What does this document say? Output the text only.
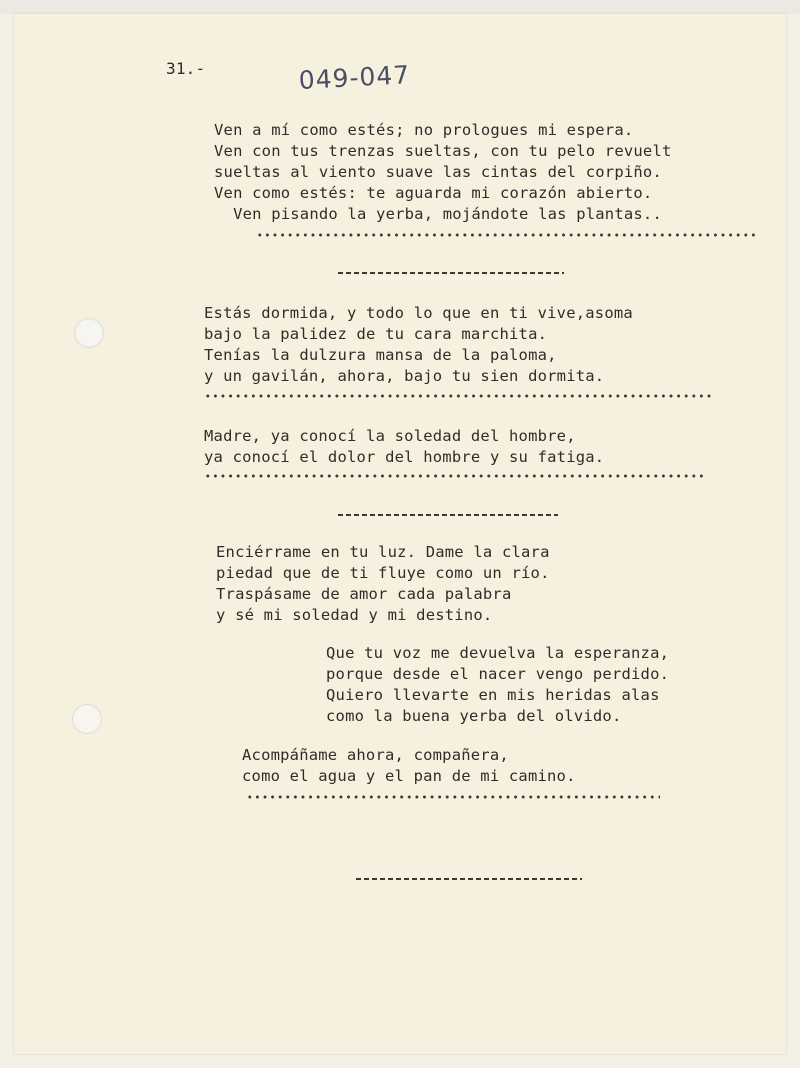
31.-	049-047
Ven a mí como estés; no prologues mi espera.
Ven con tus trenzas sueltas, con tu pelo revuelt
sueltas al viento suave las cintas del corpiño.
Ven como estés: te aguarda mi corazón abierto.
Ven pisando la yerba, mojándote las plantas..
Estás dormida, y todo lo que en ti vive,asoma
bajo la palidez de tu cara marchita.
Tenías la dulzura mansa de la paloma,
y un gavilán, ahora, bajo tu sien dormita.
Madre, ya conocí la soledad del hombre,
ya conocí el dolor del hombre y su fatiga.
Enciérrame en tu luz. Dame la clara
piedad que de ti fluye como un río.
Traspásame de amor cada palabra
y sé mi soledad y mi destino.
Que tu voz me devuelva la esperanza,
porque desde el nacer vengo perdido.
Quiero llevarte en mis heridas alas
como la buena yerba del olvido.
Acompáñame ahora, compañera,
como el agua y el pan de mi camino.
